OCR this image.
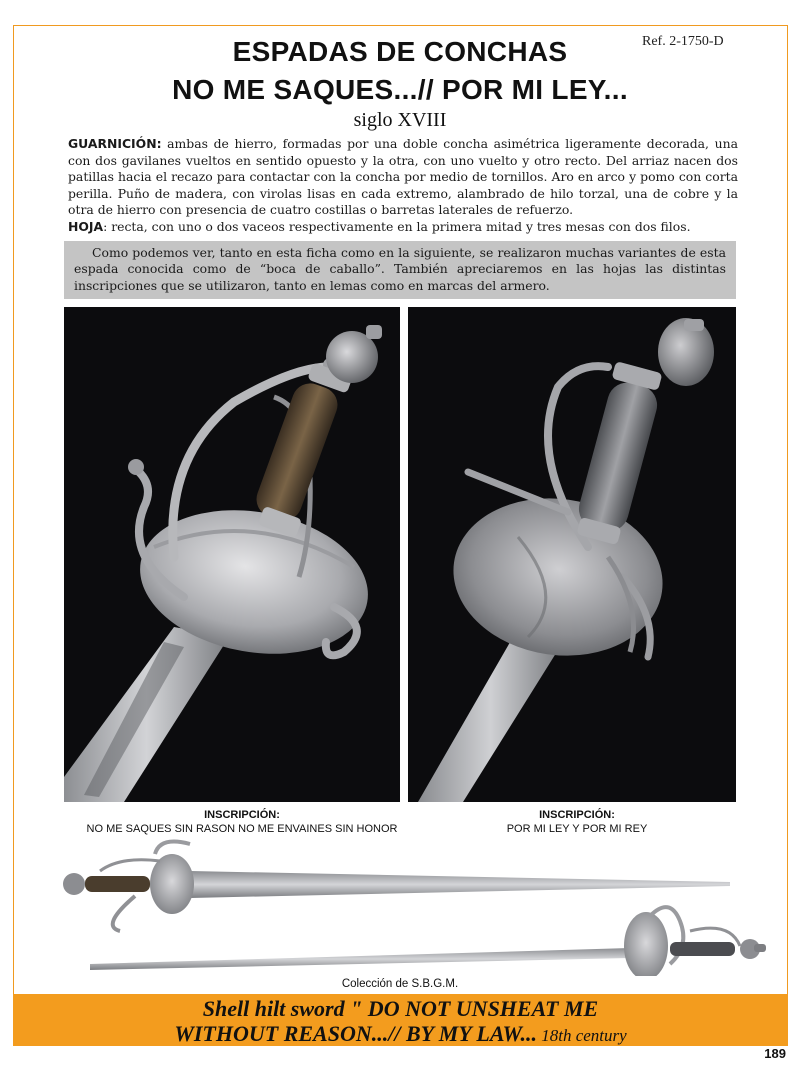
Ref. 2-1750-D
ESPADAS DE CONCHAS
NO ME SAQUES...// POR MI LEY...
siglo XVIII
GUARNICIÓN: ambas de hierro, formadas por una doble concha asimétrica ligeramente decorada, una con dos gavilanes vueltos en sentido opuesto y la otra, con uno vuelto y otro recto. Del arriaz nacen dos patillas hacia el recazo para contactar con la concha por medio de tornillos. Aro en arco y pomo con corta perilla. Puño de madera, con virolas lisas en cada extremo, alambrado de hilo torzal, una de cobre y la otra de hierro con presencia de cuatro costillas o barretas laterales de refuerzo.
HOJA: recta, con uno o dos vaceos respectivamente en la primera mitad y tres mesas con dos filos.
Como podemos ver, tanto en esta ficha como en la siguiente, se realizaron muchas variantes de esta espada conocida como de “boca de caballo”. También apreciaremos en las hojas las distintas inscripciones que se utilizaron, tanto en lemas como en marcas del armero.
INSCRIPCIÓN:
NO ME SAQUES SIN RASON NO ME ENVAINES SIN HONOR
INSCRIPCIÓN:
POR MI LEY Y POR MI REY
Colección de S.B.G.M.
Shell hilt sword " DO NOT UNSHEAT ME
WITHOUT REASON...// BY MY LAW... 18th century
189
